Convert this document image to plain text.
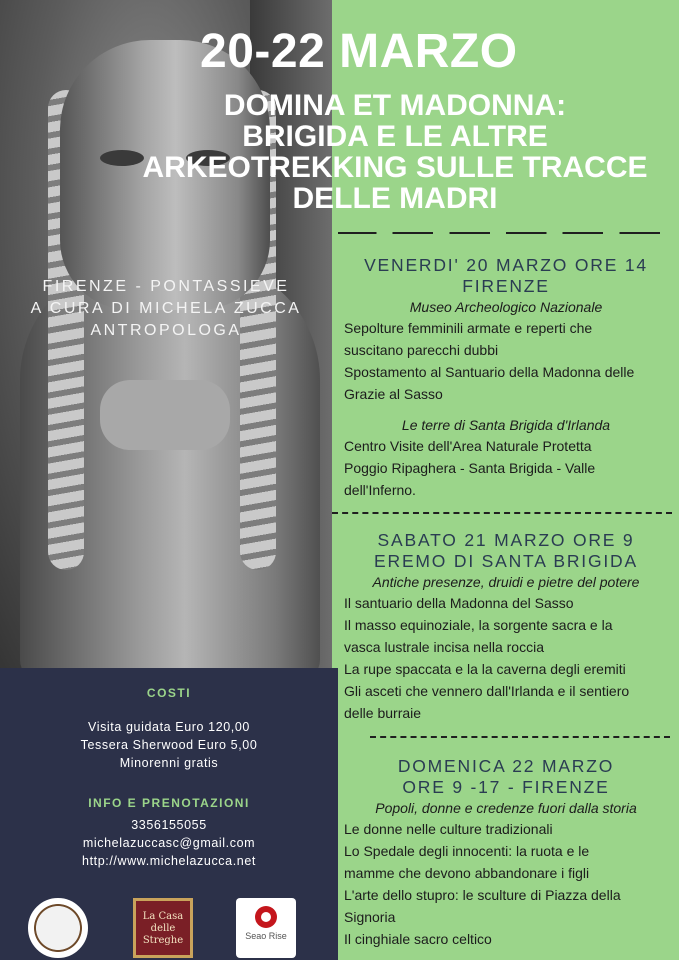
FIRENZE - PONTASSIEVE
A CURA DI MICHELA ZUCCA
ANTROPOLOGA
20-22 MARZO
DOMINA ET MADONNA:
BRIGIDA E LE ALTRE
ARKEOTREKKING SULLE TRACCE
DELLE MADRI
VENERDI' 20 MARZO ORE 14
FIRENZE
Museo Archeologico Nazionale
Sepolture femminili armate e reperti che
suscitano parecchi dubbi
Spostamento al Santuario della Madonna delle
Grazie al Sasso
Le terre di Santa Brigida d'Irlanda
Centro Visite dell'Area Naturale Protetta
Poggio Ripaghera - Santa Brigida - Valle
dell'Inferno.
SABATO 21 MARZO ORE 9
EREMO DI SANTA BRIGIDA
Antiche presenze, druidi e pietre del potere
Il santuario della Madonna del Sasso
Il masso equinoziale, la sorgente sacra e la
vasca lustrale incisa nella roccia
La rupe spaccata e la la caverna degli eremiti
Gli asceti che vennero dall'Irlanda e il sentiero
delle burraie
DOMENICA 22 MARZO
ORE 9 -17 - FIRENZE
Popoli, donne e credenze fuori dalla storia
Le donne nelle culture tradizionali
Lo Spedale degli innocenti: la ruota e le
mamme che devono abbandonare i figli
L'arte dello stupro: le sculture di Piazza della
Signoria
Il cinghiale sacro celtico
COSTI
Visita guidata Euro 120,00
Tessera Sherwood Euro 5,00
Minorenni gratis
INFO E PRENOTAZIONI
3356155055
michelazuccasc@gmail.com
http://www.michelazucca.net
La Casa delle Streghe	Seao Rise
